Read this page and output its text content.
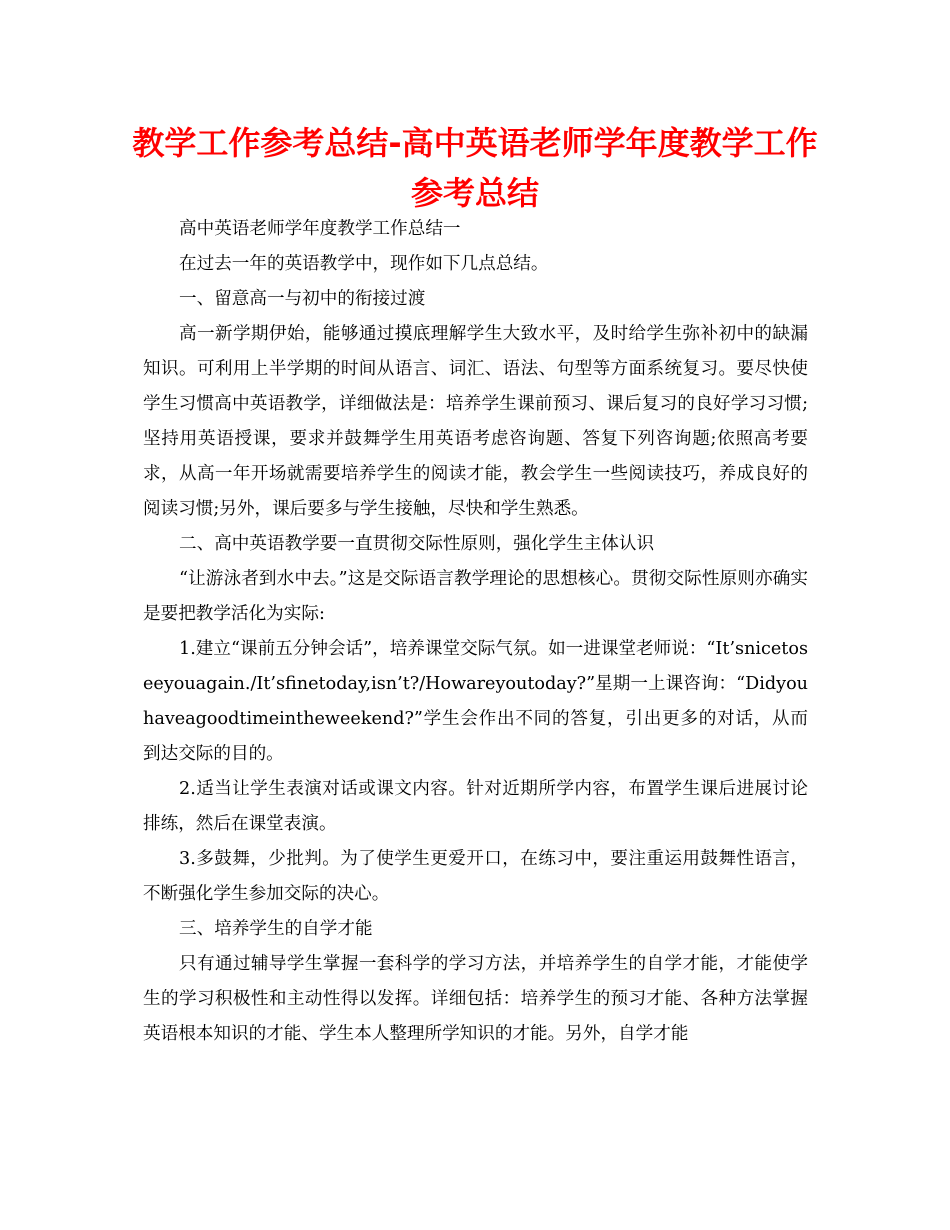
教学工作参考总结-高中英语老师学年度教学工作参考总结

高中英语老师学年度教学工作总结一

在过去一年的英语教学中，现作如下几点总结。

一、留意高一与初中的衔接过渡

高一新学期伊始，能够通过摸底理解学生大致水平，及时给学生弥补初中的缺漏知识。可利用上半学期的时间从语言、词汇、语法、句型等方面系统复习。要尽快使学生习惯高中英语教学，详细做法是：培养学生课前预习、课后复习的良好学习习惯;坚持用英语授课，要求并鼓舞学生用英语考虑咨询题、答复下列咨询题;依照高考要求，从高一年开场就需要培养学生的阅读才能，教会学生一些阅读技巧，养成良好的阅读习惯;另外，课后要多与学生接触，尽快和学生熟悉。

二、高中英语教学要一直贯彻交际性原则，强化学生主体认识

“让游泳者到水中去。”这是交际语言教学理论的思想核心。贯彻交际性原则亦确实是要把教学活化为实际:

1.建立“课前五分钟会话”，培养课堂交际气氛。如一进课堂老师说：“It’snicetoseeyouagain./It’sfinetoday,isn’t?/Howareyoutoday?”星期一上课咨询：“Didyouhaveagoodtimeintheweekend?”学生会作出不同的答复，引出更多的对话，从而到达交际的目的。

2.适当让学生表演对话或课文内容。针对近期所学内容，布置学生课后进展讨论排练，然后在课堂表演。

3.多鼓舞，少批判。为了使学生更爱开口，在练习中，要注重运用鼓舞性语言，不断强化学生参加交际的决心。

三、培养学生的自学才能

只有通过辅导学生掌握一套科学的学习方法，并培养学生的自学才能，才能使学生的学习积极性和主动性得以发挥。详细包括：培养学生的预习才能、各种方法掌握英语根本知识的才能、学生本人整理所学知识的才能。另外，自学才能
